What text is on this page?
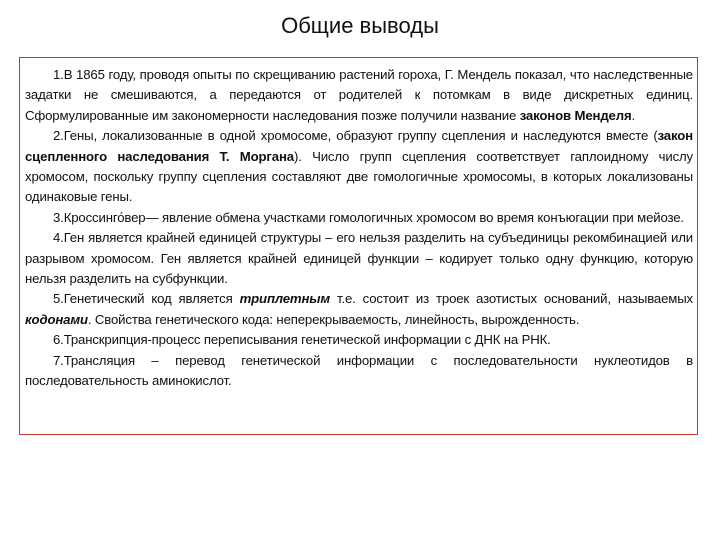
Общие выводы

1.В 1865 году, проводя опыты по скрещиванию растений гороха, Г. Мендель показал, что наследственные задатки не смешиваются, а передаются от родителей к потомкам в виде дискретных единиц. Сформулированные им закономерности наследования позже получили название законов Менделя.

2.Гены, локализованные в одной хромосоме, образуют группу сцепления и наследуются вместе (закон сцепленного наследования Т. Моргана). Число групп сцепления соответствует гаплоидному числу хромосом, поскольку группу сцепления составляют две гомологичные хромосомы, в которых локализованы одинаковые гены.

3.Кроссинго́вер— явление обмена участками гомологичных хромосом во время конъюгации при мейозе.

4.Ген является крайней единицей структуры – его нельзя разделить на субъединицы рекомбинацией или разрывом хромосом. Ген является крайней единицей функции – кодирует только одну функцию, которую нельзя разделить на субфункции.

5.Генетический код является триплетным т.е. состоит из троек азотистых оснований, называемых кодонами. Свойства генетического кода: неперекрываемость, линейность, вырожденность.

6.Транскрипция-процесс переписывания генетической информации с ДНК на РНК.

7.Трансляция – перевод генетической информации с последовательности нуклеотидов в последовательность аминокислот.
